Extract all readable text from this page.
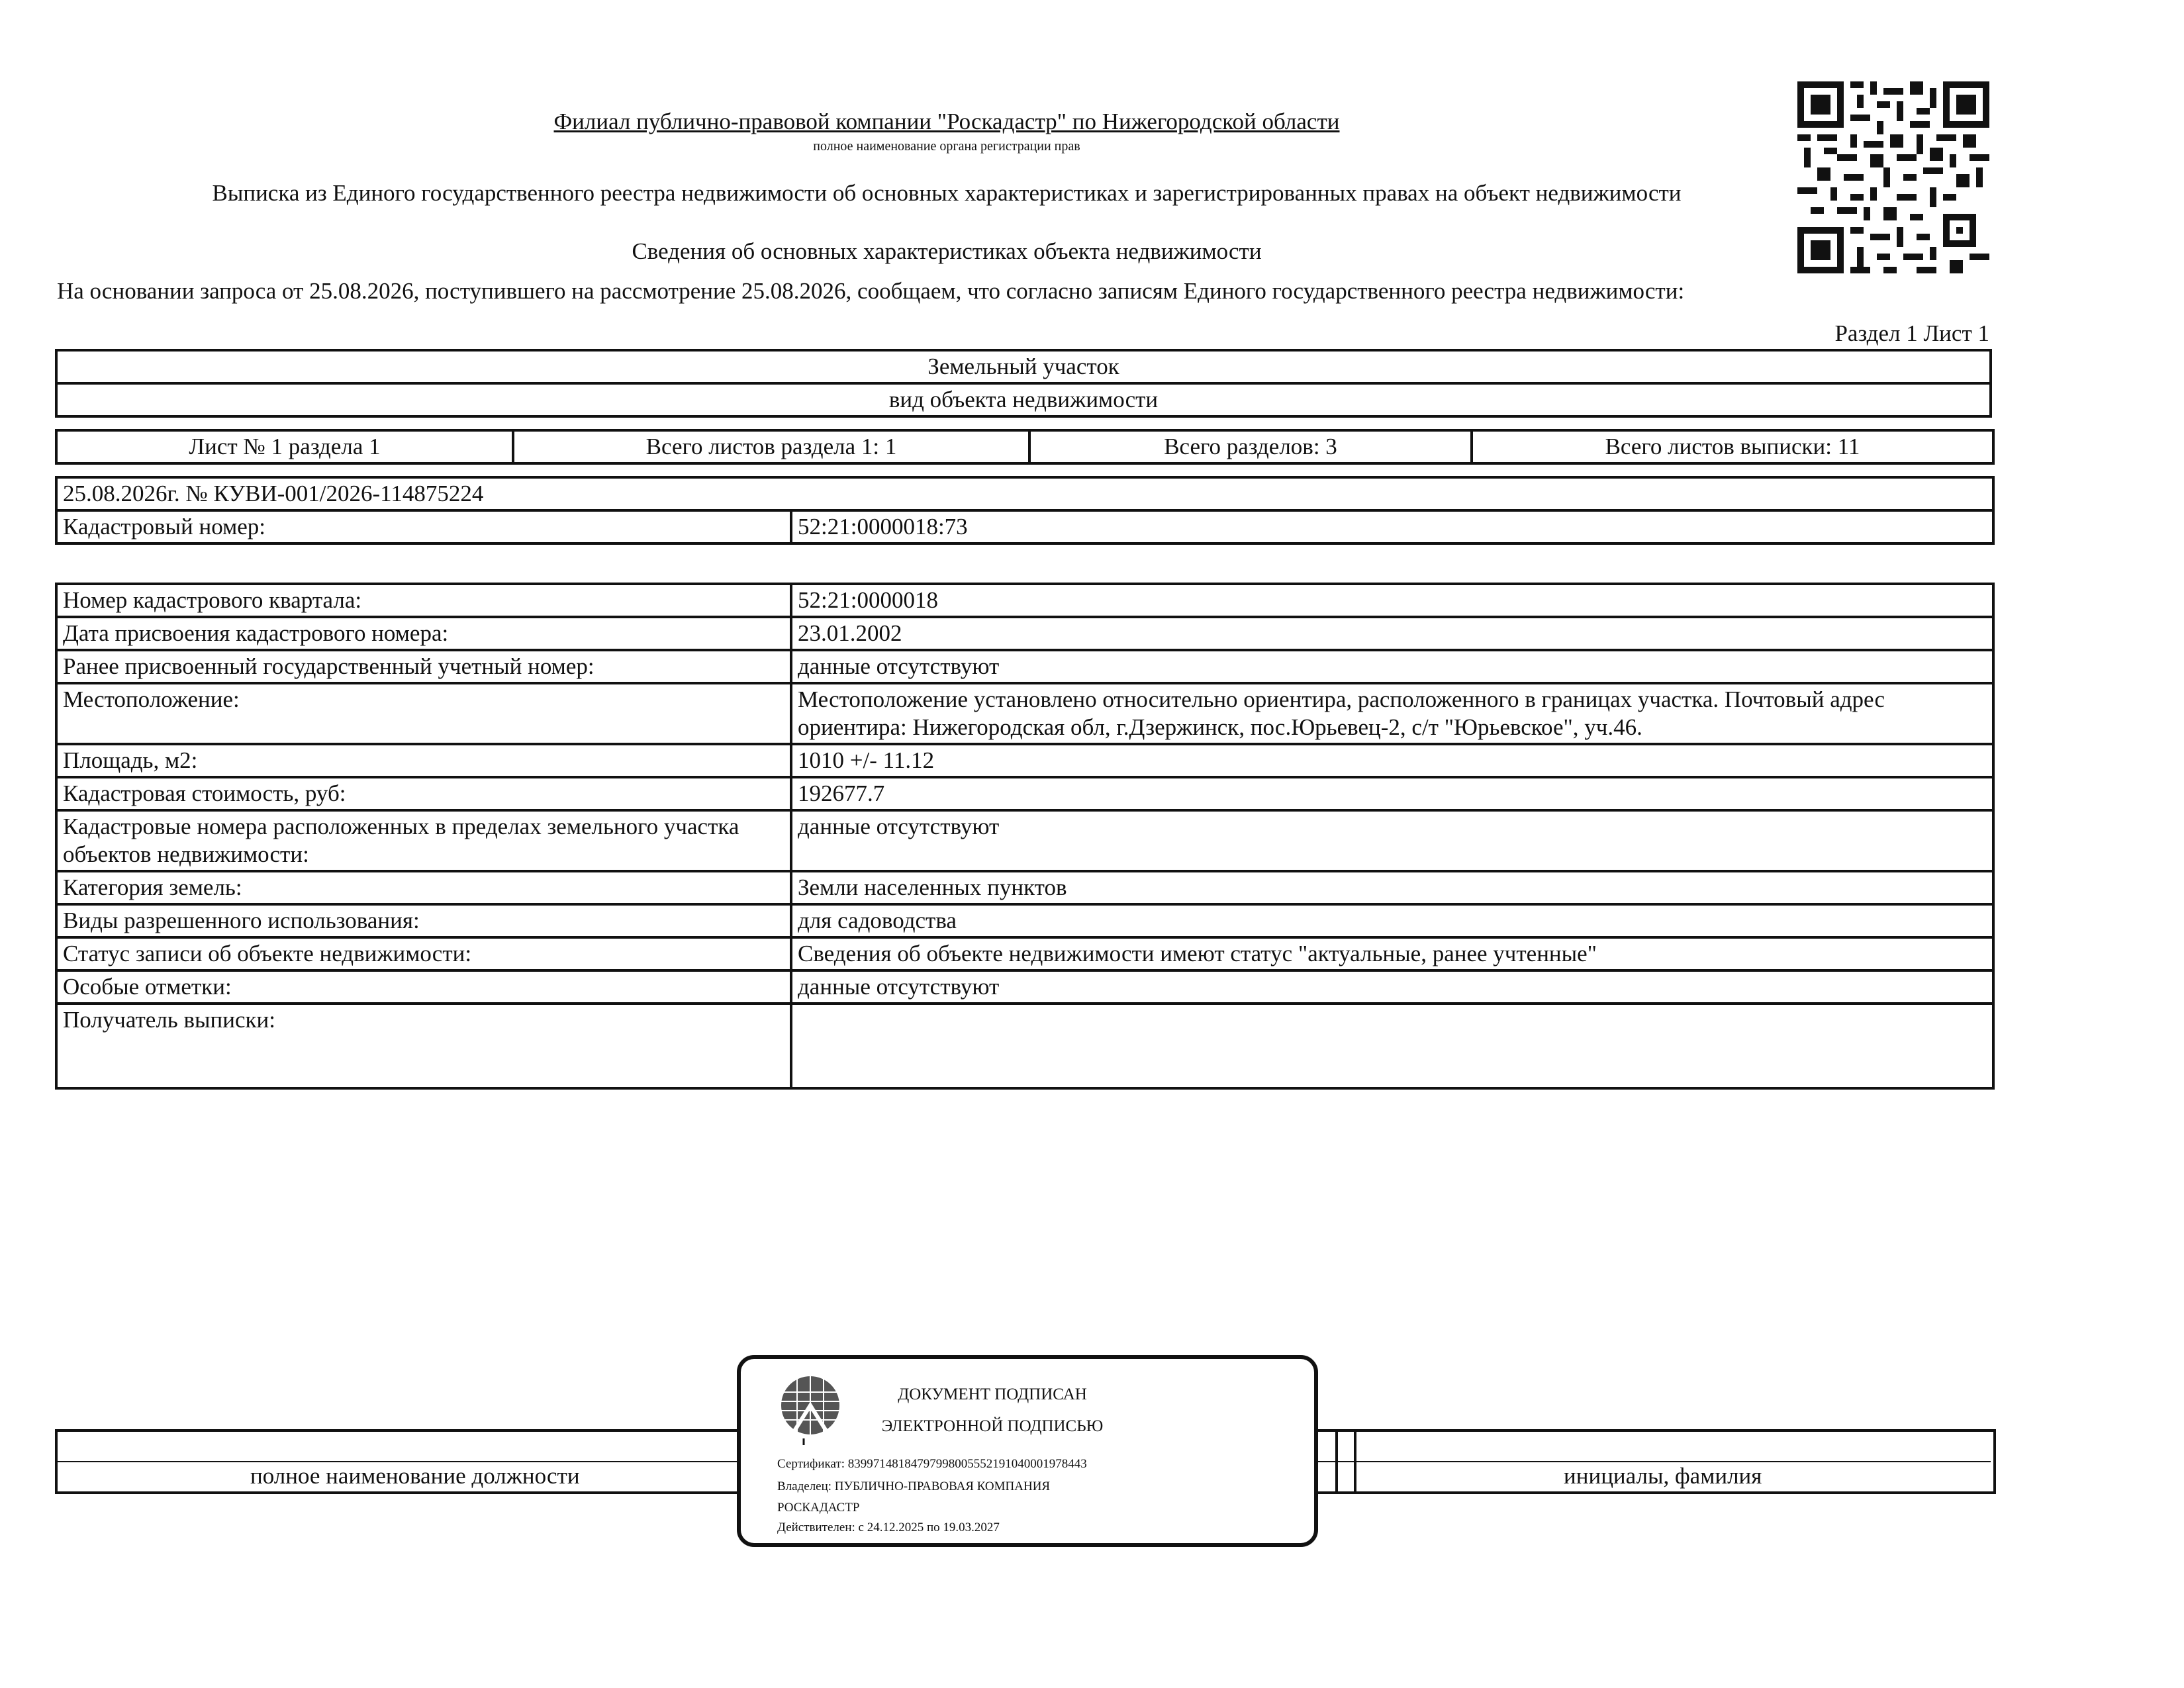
Филиал публично-правовой компании "Роскадастр" по Нижегородской области
полное наименование органа регистрации прав
Выписка из Единого государственного реестра недвижимости об основных характеристиках и зарегистрированных правах на объект недвижимости
Сведения об основных характеристиках объекта недвижимости
На основании запроса от 25.08.2026, поступившего на рассмотрение 25.08.2026, сообщаем, что согласно записям Единого государственного реестра недвижимости:
Раздел 1 Лист 1
Земельный участок
вид объекта недвижимости
Лист № 1 раздела 1	Всего листов раздела 1: 1	Всего разделов: 3	Всего листов выписки: 11
25.08.2026г. № КУВИ-001/2026-114875224
Кадастровый номер:	52:21:0000018:73
Номер кадастрового квартала:	52:21:0000018
Дата присвоения кадастрового номера:	23.01.2002
Ранее присвоенный государственный учетный номер:	данные отсутствуют
Местоположение:	Местоположение установлено относительно ориентира, расположенного в границах участка. Почтовый адрес ориентира: Нижегородская обл, г.Дзержинск, пос.Юрьевец-2, с/т "Юрьевское", уч.46.
Площадь, м2:	1010 +/- 11.12
Кадастровая стоимость, руб:	192677.7
Кадастровые номера расположенных в пределах земельного участка объектов недвижимости:	данные отсутствуют
Категория земель:	Земли населенных пунктов
Виды разрешенного использования:	для садоводства
Статус записи об объекте недвижимости:	Сведения об объекте недвижимости имеют статус "актуальные, ранее учтенные"
Особые отметки:	данные отсутствуют
Получатель выписки:	
полное наименование должности	инициалы, фамилия
ДОКУМЕНТ ПОДПИСАН
ЭЛЕКТРОННОЙ ПОДПИСЬЮ
Сертификат: 839971481847979980055521910400019784​43
Владелец: ПУБЛИЧНО-ПРАВОВАЯ КОМПАНИЯ
РОСКАДАСТР
Действителен: с 24.12.2025 по 19.03.2027
